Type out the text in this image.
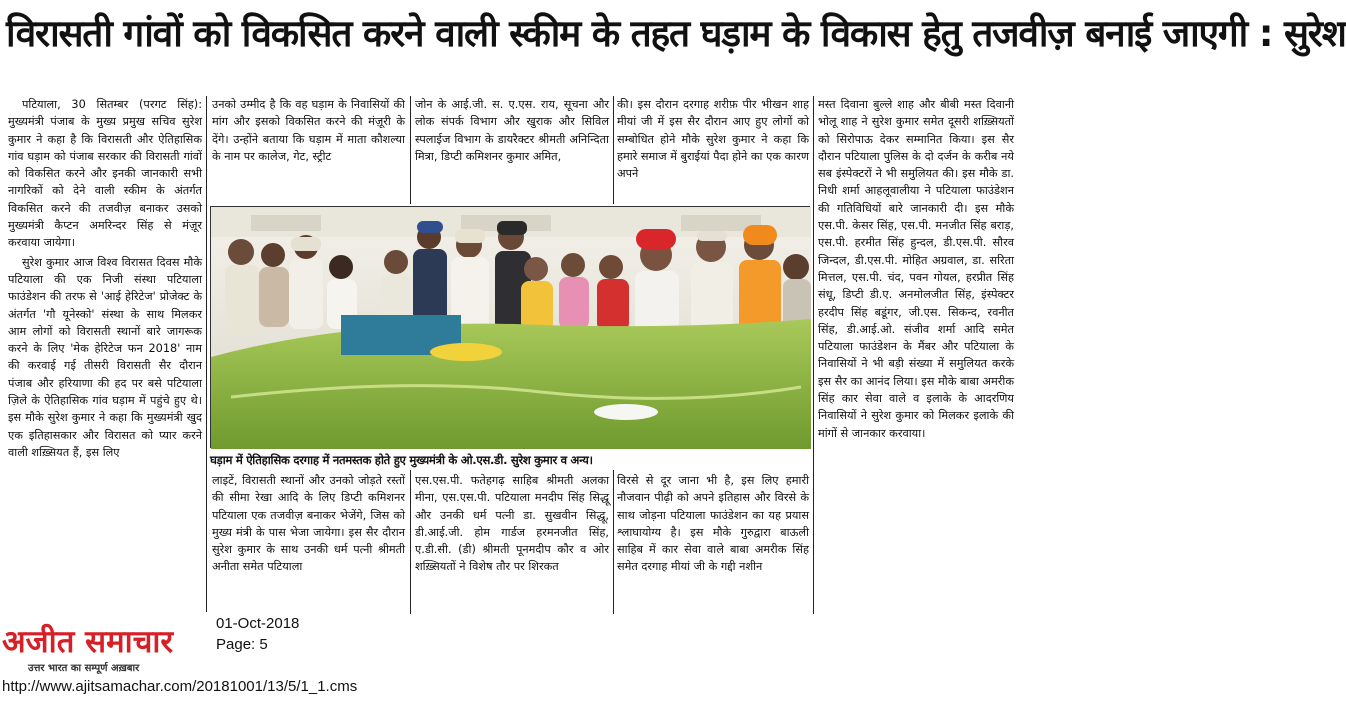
विरासती गांवों को विकसित करने वाली स्कीम के तहत घड़ाम के विकास हेतु तजवीज़ बनाई जाएगी : सुरेश

पटियाला, 30 सितम्बर (परगट सिंह): मुख्यमंत्री पंजाब के मुख्य प्रमुख सचिव सुरेश कुमार ने कहा है कि विरासती और ऐतिहासिक गांव घड़ाम को पंजाब सरकार की विरासती गांवों को विकसित करने और इनकी जानकारी सभी नागरिकों को देने वाली स्कीम के अंतर्गत विकसित करने की तजवीज़ बनाकर उसको मुख्यमंत्री कैप्टन अमरिन्दर सिंह से मंज़ूर करवाया जायेगा।

सुरेश कुमार आज विश्व विरासत दिवस मौके पटियाला की एक निजी संस्था पटियाला फाउंडेशन की तरफ से 'आई हेरिटेज' प्रोजेक्ट के अंतर्गत 'गौ यूनेस्को' संस्था के साथ मिलकर आम लोगों को विरासती स्थानों बारे जागरूक करने के लिए 'मेक हेरिटेज फन 2018' नाम की करवाई गई तीसरी विरासती सैर दौरान पंजाब और हरियाणा की हद पर बसे पटियाला ज़िले के ऐतिहासिक गांव घड़ाम में पहुंचे हुए थे। इस मौके सुरेश कुमार ने कहा कि मुख्यमंत्री खुद एक इतिहासकार और विरासत को प्यार करने वाली शख़्सियत हैं, इस लिए

उनको उम्मीद है कि वह घड़ाम के निवासियों की मांग और इसको विकसित करने की मंज़ूरी के देंगे। उन्होंने बताया कि घड़ाम में माता कौशल्या के नाम पर कालेज, गेट, स्ट्रीट

जोन के आई.जी. स. ए.एस. राय, सूचना और लोक संपर्क विभाग और खुराक और सिविल स्पलाईज विभाग के डायरैक्टर श्रीमती अनिन्दिता मित्रा, डिप्टी कमिशनर कुमार अमित,

की। इस दौरान दरगाह शरीफ़ पीर भीखन शाह मीयां जी में इस सैर दौरान आए हुए लोगों को सम्बोधित होने मौके सुरेश कुमार ने कहा कि हमारे समाज में बुराईयां पैदा होने का एक कारण अपने

घड़ाम में ऐतिहासिक दरगाह में नतमस्तक होते हुए मुख्यमंत्री के ओ.एस.डी. सुरेश कुमार व अन्य।

लाइटें, विरासती स्थानों और उनको जोड़ते रस्तों की सीमा रेखा आदि के लिए डिप्टी कमिशनर पटियाला एक तजवीज़ बनाकर भेजेंगे, जिस को मुख्य मंत्री के पास भेजा जायेगा। इस सैर दौरान सुरेश कुमार के साथ उनकी धर्म पत्नी श्रीमती अनीता समेत पटियाला

एस.एस.पी. फतेहगढ़ साहिब श्रीमती अलका मीना, एस.एस.पी. पटियाला मनदीप सिंह सिद्धू और उनकी धर्म पत्नी डा. सुखवीन सिद्धू, डी.आई.जी. होम गार्डज हरमनजीत सिंह, ए.डी.सी. (डी) श्रीमती पूनमदीप कौर व ओर शख़्सियतों ने विशेष तौर पर शिरकत

विरसे से दूर जाना भी है, इस लिए हमारी नौजवान पीढ़ी को अपने इतिहास और विरसे के साथ जोड़ना पटियाला फाउंडेशन का यह प्रयास श्लाघायोग्य है। इस मौके गुरुद्वारा बाऊली साहिब में कार सेवा वाले बाबा अमरीक सिंह समेत दरगाह मीयां जी के गद्दी नशीन

मस्त दिवाना बुल्ले शाह और बीबी मस्त दिवानी भोलू शाह ने सुरेश कुमार समेत दूसरी शख़्सियतों को सिरोपाऊ देकर सम्मानित किया। इस सैर दौरान पटियाला पुलिस के दो दर्जन के करीब नये सब इंस्पेक्टरों ने भी समुलियत की। इस मौके डा. निधी शर्मा आहलूवालीया ने पटियाला फाउंडेशन की गतिविधियों बारे जानकारी दी। इस मौके एस.पी. केसर सिंह, एस.पी. मनजीत सिंह बराड़, एस.पी. हरमीत सिंह हुन्दल, डी.एस.पी. सौरव जिन्दल, डी.एस.पी. मोहित अग्रवाल, डा. सरिता मित्तल, एस.पी. चंद, पवन गोयल, हरप्रीत सिंह संधू, डिप्टी डी.ए. अनमोलजीत सिंह, इंस्पेक्टर हरदीप सिंह बडूंगर, जी.एस. सिकन्द, रवनीत सिंह, डी.आई.ओ. संजीव शर्मा आदि समेत पटियाला फाउंडेशन के मैंबर और पटियाला के निवासियों ने भी बड़ी संख्या में समुलियत करके इस सैर का आनंद लिया। इस मौके बाबा अमरीक सिंह कार सेवा वाले व इलाके के आदरणिय निवासियों ने सुरेश कुमार को मिलकर इलाके की मांगों से जानकार करवाया।

अजीत समाचार
उत्तर भारत का सम्पूर्ण अख़बार
01-Oct-2018
Page: 5
http://www.ajitsamachar.com/20181001/13/5/1_1.cms
